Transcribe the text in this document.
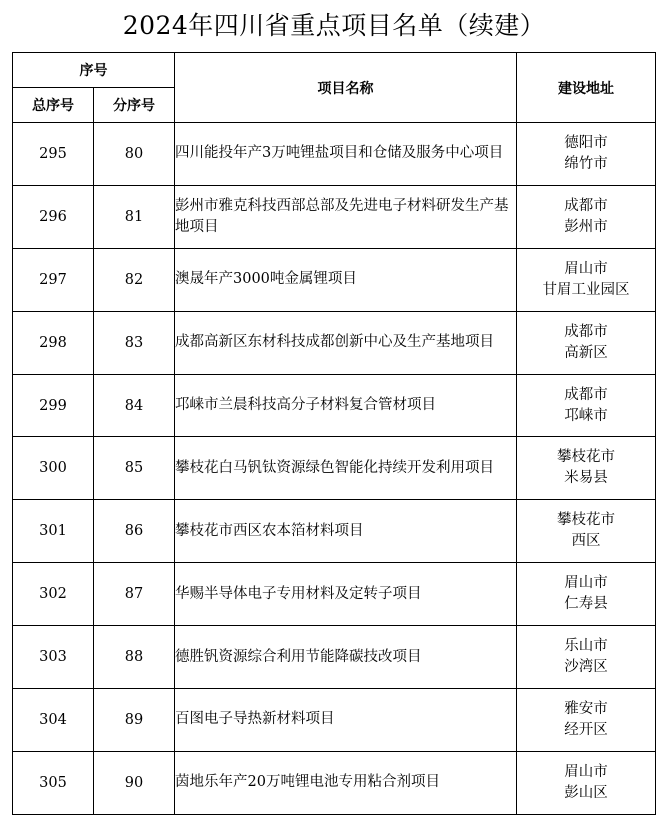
2024年四川省重点项目名单（续建）
序号		项目名称	建设地址
总序号	分序号		
295	80	四川能投年产3万吨锂盐项目和仓储及服务中心项目	德阳市
绵竹市

296	81	彭州市雅克科技西部总部及先进电子材料研发生产基地项目	成都市
彭州市

297	82	澳晟年产3000吨金属锂项目	眉山市
甘眉工业园区

298	83	成都高新区东材科技成都创新中心及生产基地项目	成都市
高新区

299	84	邛崃市兰晨科技高分子材料复合管材项目	成都市
邛崃市

300	85	攀枝花白马钒钛资源绿色智能化持续开发利用项目	攀枝花市
米易县

301	86	攀枝花市西区农本箔材料项目	攀枝花市
西区

302	87	华赐半导体电子专用材料及定转子项目	眉山市
仁寿县

303	88	德胜钒资源综合利用节能降碳技改项目	乐山市
沙湾区

304	89	百图电子导热新材料项目	雅安市
经开区

305	90	茵地乐年产20万吨锂电池专用粘合剂项目	眉山市
彭山区
